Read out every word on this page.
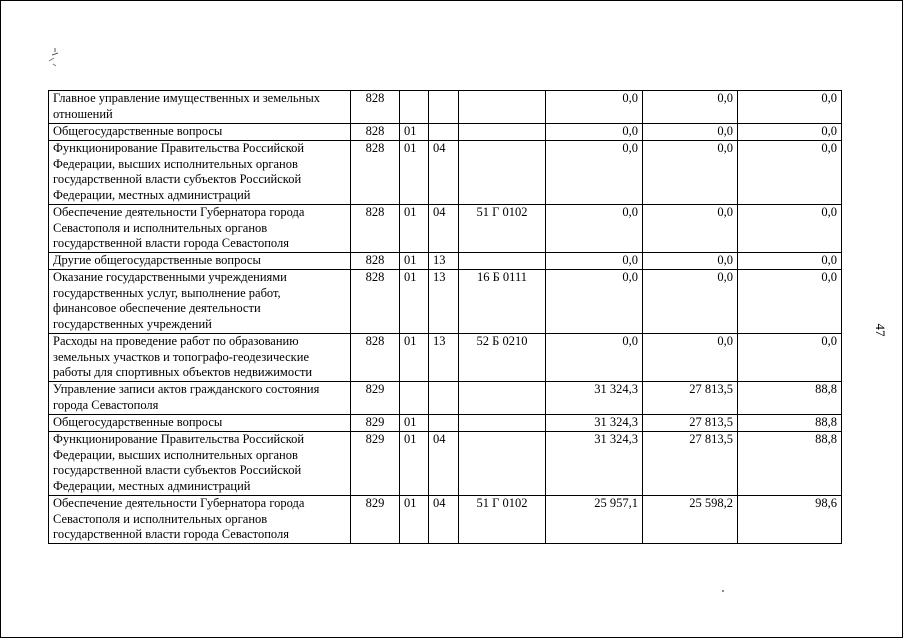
47
Главное управление имущественных и земельных отношений	828				0,0	0,0	0,0
Общегосударственные вопросы	828	01			0,0	0,0	0,0
Функционирование Правительства Российской Федерации, высших исполнительных органов государственной власти субъектов Российской Федерации, местных администраций	828	01	04		0,0	0,0	0,0
Обеспечение деятельности Губернатора города Севастополя и исполнительных органов государственной власти города Севастополя	828	01	04	51 Г 0102	0,0	0,0	0,0
Другие общегосударственные вопросы	828	01	13		0,0	0,0	0,0
Оказание государственными учреждениями государственных услуг, выполнение работ, финансовое обеспечение деятельности государственных учреждений	828	01	13	16 Б 0111	0,0	0,0	0,0
Расходы на проведение работ по образованию земельных участков и топографо-геодезические работы для спортивных объектов недвижимости	828	01	13	52 Б 0210	0,0	0,0	0,0
Управление записи актов гражданского состояния города Севастополя	829				31 324,3	27 813,5	88,8
Общегосударственные вопросы	829	01			31 324,3	27 813,5	88,8
Функционирование Правительства Российской Федерации, высших исполнительных органов государственной власти субъектов Российской Федерации, местных администраций	829	01	04		31 324,3	27 813,5	88,8
Обеспечение деятельности Губернатора города Севастополя и исполнительных органов государственной власти города Севастополя	829	01	04	51 Г 0102	25 957,1	25 598,2	98,6
